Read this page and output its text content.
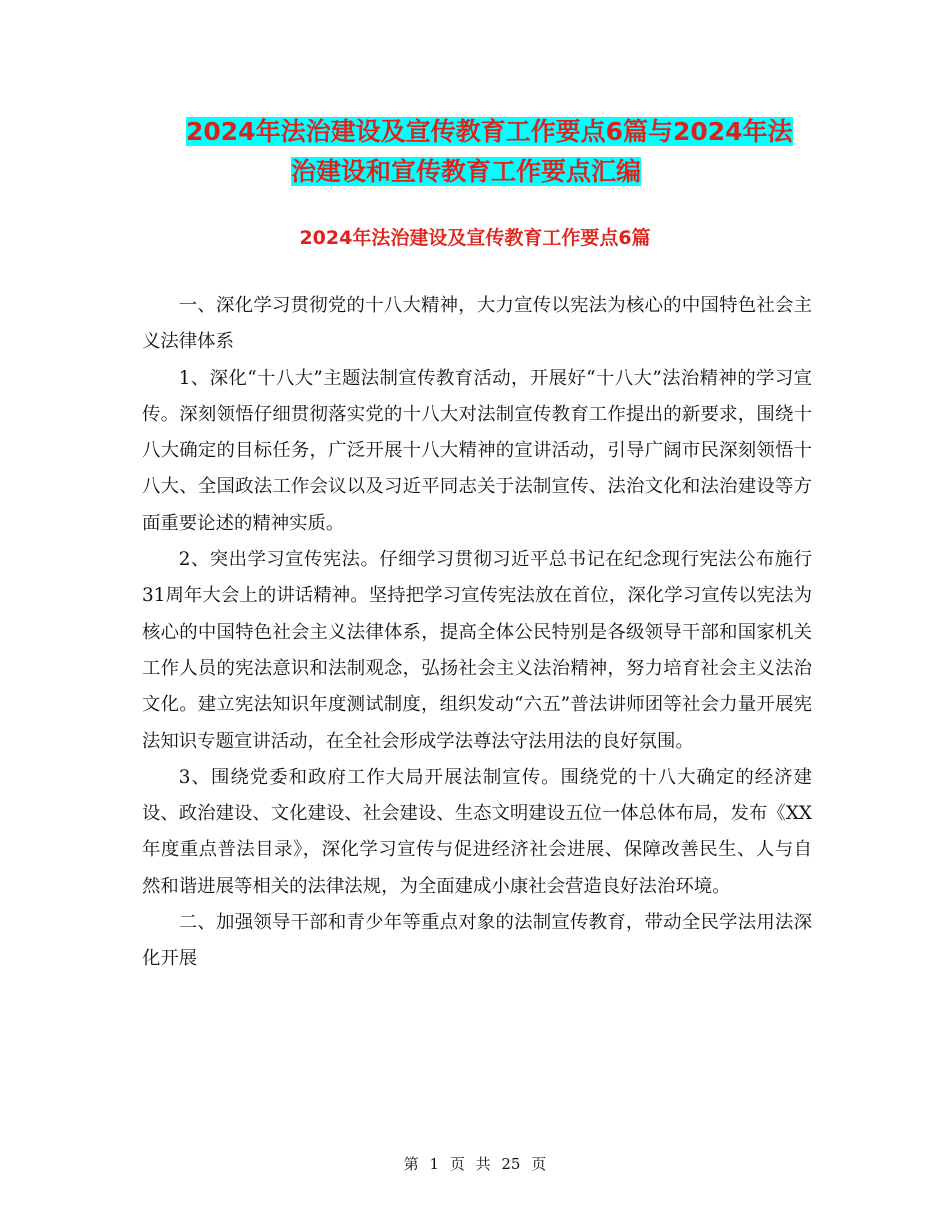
2024年法治建设及宣传教育工作要点6篇与2024年法
治建设和宣传教育工作要点汇编
2024年法治建设及宣传教育工作要点6篇

一、深化学习贯彻党的十八大精神，大力宣传以宪法为核心的中国特色社会主义法律体系

1、深化“十八大”主题法制宣传教育活动，开展好“十八大”法治精神的学习宣传。深刻领悟仔细贯彻落实党的十八大对法制宣传教育工作提出的新要求，围绕十八大确定的目标任务，广泛开展十八大精神的宣讲活动，引导广阔市民深刻领悟十八大、全国政法工作会议以及习近平同志关于法制宣传、法治文化和法治建设等方面重要论述的精神实质。

2、突出学习宣传宪法。仔细学习贯彻习近平总书记在纪念现行宪法公布施行31周年大会上的讲话精神。坚持把学习宣传宪法放在首位，深化学习宣传以宪法为核心的中国特色社会主义法律体系，提高全体公民特别是各级领导干部和国家机关工作人员的宪法意识和法制观念，弘扬社会主义法治精神，努力培育社会主义法治文化。建立宪法知识年度测试制度，组织发动“六五”普法讲师团等社会力量开展宪法知识专题宣讲活动，在全社会形成学法尊法守法用法的良好氛围。

3、围绕党委和政府工作大局开展法制宣传。围绕党的十八大确定的经济建设、政治建设、文化建设、社会建设、生态文明建设五位一体总体布局，发布《XX年度重点普法目录》，深化学习宣传与促进经济社会进展、保障改善民生、人与自然和谐进展等相关的法律法规，为全面建成小康社会营造良好法治环境。

二、加强领导干部和青少年等重点对象的法制宣传教育，带动全民学法用法深化开展

第 1 页 共 25 页
